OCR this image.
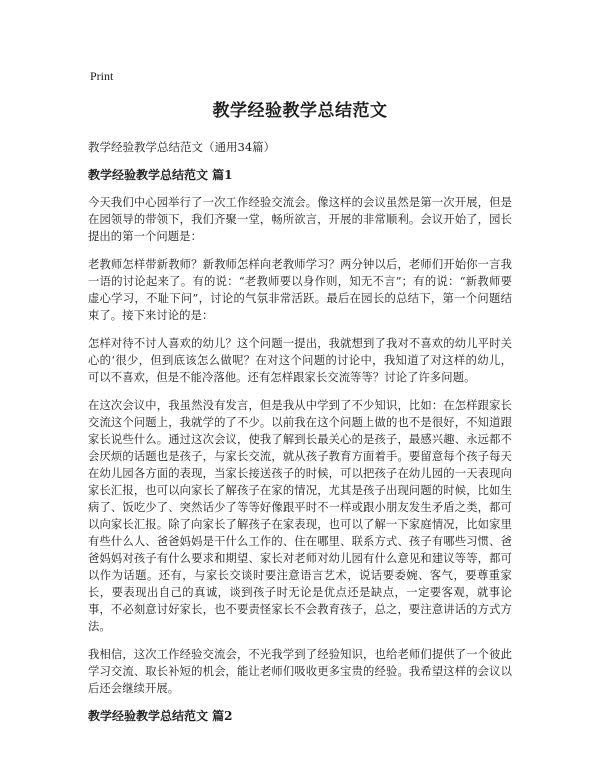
Print
教学经验教学总结范文

教学经验教学总结范文（通用34篇）

教学经验教学总结范文 篇1

今天我们中心园举行了一次工作经验交流会。像这样的会议虽然是第一次开展，但是在园领导的带领下，我们齐聚一堂，畅所欲言，开展的非常顺利。会议开始了，园长提出的第一个问题是：

老教师怎样带新教师？新教师怎样向老教师学习？两分钟以后，老师们开始你一言我一语的讨论起来了。有的说：“老教师要以身作则，知无不言”；有的说：“新教师要虚心学习，不耻下问”，讨论的气氛非常活跃。最后在园长的总结下，第一个问题结束了。接下来讨论的是：

怎样对待不讨人喜欢的幼儿？这个问题一提出，我就想到了我对不喜欢的幼儿平时关心的‘很少，但到底该怎么做呢？在对这个问题的讨论中，我知道了对这样的幼儿，可以不喜欢，但是不能冷落他。还有怎样跟家长交流等等？讨论了许多问题。

在这次会议中，我虽然没有发言，但是我从中学到了不少知识，比如：在怎样跟家长交流这个问题上，我就学的了不少。以前我在这个问题上做的也不是很好，不知道跟家长说些什么。通过这次会议，使我了解到长最关心的是孩子，最感兴趣、永远都不会厌烦的话题也是孩子，与家长交流，就从孩子教育方面着手。要留意每个孩子每天在幼儿园各方面的表现，当家长接送孩子的时候，可以把孩子在幼儿园的一天表现向家长汇报，也可以向家长了解孩子在家的情况，尤其是孩子出现问题的时候，比如生病了、饭吃少了、突然话少了等等好像跟平时不一样或跟小朋友发生矛盾之类，都可以向家长汇报。除了向家长了解孩子在家表现，也可以了解一下家庭情况，比如家里有些什么人、爸爸妈妈是干什么工作的、住在哪里、联系方式、孩子有哪些习惯、爸爸妈妈对孩子有什么要求和期望、家长对老师对幼儿园有什么意见和建议等等，都可以作为话题。还有，与家长交谈时要注意语言艺术，说话要委婉、客气，要尊重家长，要表现出自己的真诚，谈到孩子时无论是优点还是缺点，一定要客观，就事论事，不必刻意讨好家长，也不要责怪家长不会教育孩子，总之，要注意讲话的方式方法。

我相信，这次工作经验交流会，不光我学到了经验知识，也给老师们提供了一个彼此学习交流、取长补短的机会，能让老师们吸收更多宝贵的经验。我希望这样的会议以后还会继续开展。

教学经验教学总结范文 篇2
